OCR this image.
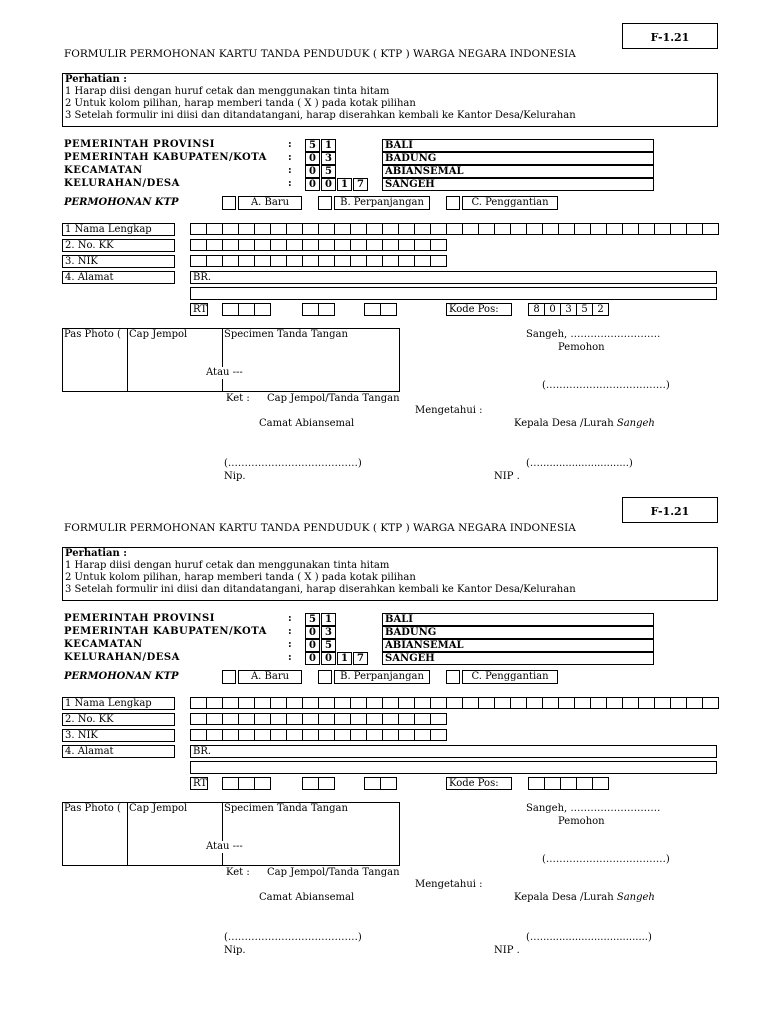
F-1.21
FORMULIR PERMOHONAN KARTU TANDA PENDUDUK ( KTP ) WARGA NEGARA INDONESIA
Perhatian :
1 Harap diisi dengan huruf cetak dan menggunakan tinta hitam
2 Untuk kolom pilihan, harap memberi tanda ( X ) pada kotak pilihan
3 Setelah formulir ini diisi dan ditandatangani, harap diserahkan kembali ke Kantor Desa/Kelurahan
PEMERINTAH PROVINSI	:	5 1	BALI
PEMERINTAH KABUPATEN/KOTA :	0 3	BADUNG
KECAMATAN	:	0 5	ABIANSEMAL
KELURAHAN/DESA	:	0 0 1 7	SANGEH
PERMOHONAN KTP	A. Baru	B. Perpanjangan	C. Penggantian
1 Nama Lengkap
2. No. KK
3. NIK
4. Alamat	BR.
RT	Kode Pos:	8 0 3 5 2
Pas Photo ( Cap Jempol	Specimen Tanda Tangan
Atau ---
Ket : Cap Jempol/Tanda Tangan
Sangeh, ………………………
Pemohon
(………………………………)
Mengetahui :
Camat Abiansemal	Kepala Desa /Lurah Sangeh
(…………………………………)
Nip.
(…............................)
NIP .
F-1.21
FORMULIR PERMOHONAN KARTU TANDA PENDUDUK ( KTP ) WARGA NEGARA INDONESIA
Perhatian :
1 Harap diisi dengan huruf cetak dan menggunakan tinta hitam
2 Untuk kolom pilihan, harap memberi tanda ( X ) pada kotak pilihan
3 Setelah formulir ini diisi dan ditandatangani, harap diserahkan kembali ke Kantor Desa/Kelurahan
PEMERINTAH PROVINSI	:	5 1	BALI
PEMERINTAH KABUPATEN/KOTA :	0 3	BADUNG
KECAMATAN	:	0 5	ABIANSEMAL
KELURAHAN/DESA	:	0 0 1 7	SANGEH
PERMOHONAN KTP	A. Baru	B. Perpanjangan	C. Penggantian
1 Nama Lengkap
2. No. KK
3. NIK
4. Alamat	BR.
RT	Kode Pos:
Pas Photo ( Cap Jempol	Specimen Tanda Tangan
Atau ---
Ket : Cap Jempol/Tanda Tangan
Sangeh, ………………………
Pemohon
(………………………………)
Mengetahui :
Camat Abiansemal	Kepala Desa /Lurah Sangeh
(…………………………………)
Nip.
(…..................................)
NIP .
